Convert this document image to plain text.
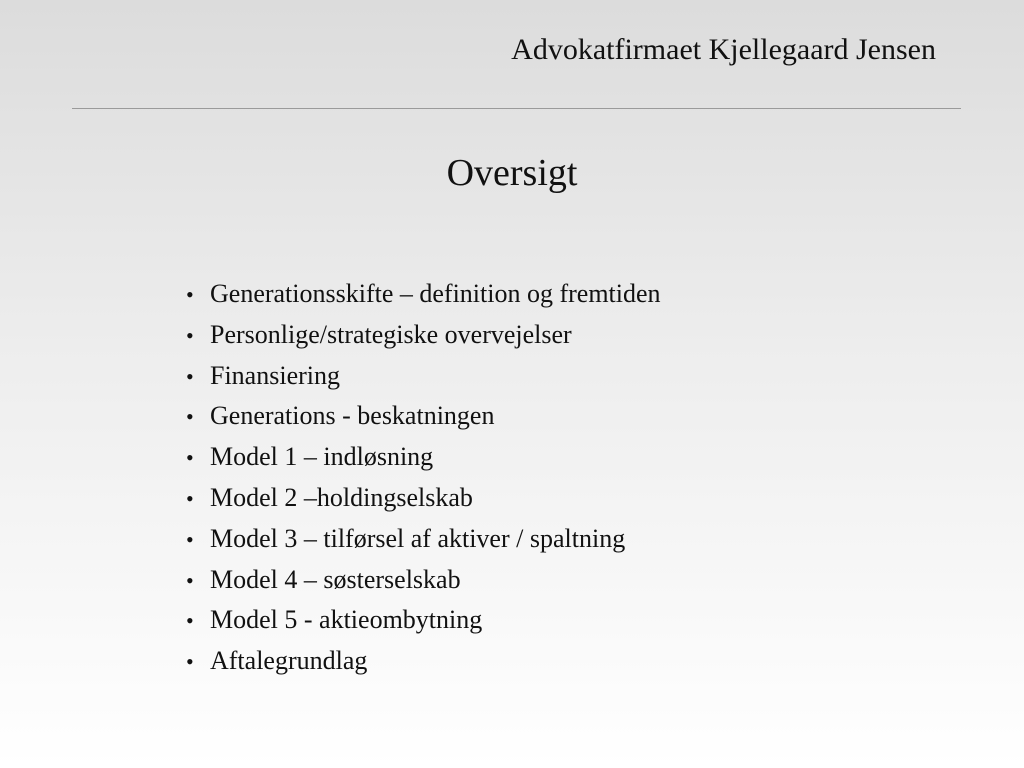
Advokatfirmaet Kjellegaard Jensen
Oversigt
• Generationsskifte – definition og fremtiden
• Personlige/strategiske overvejelser
• Finansiering
• Generations - beskatningen
• Model 1 – indløsning
• Model 2 –holdingselskab
• Model 3 – tilførsel af aktiver / spaltning
• Model 4 – søsterselskab
• Model 5 - aktieombytning
• Aftalegrundlag
